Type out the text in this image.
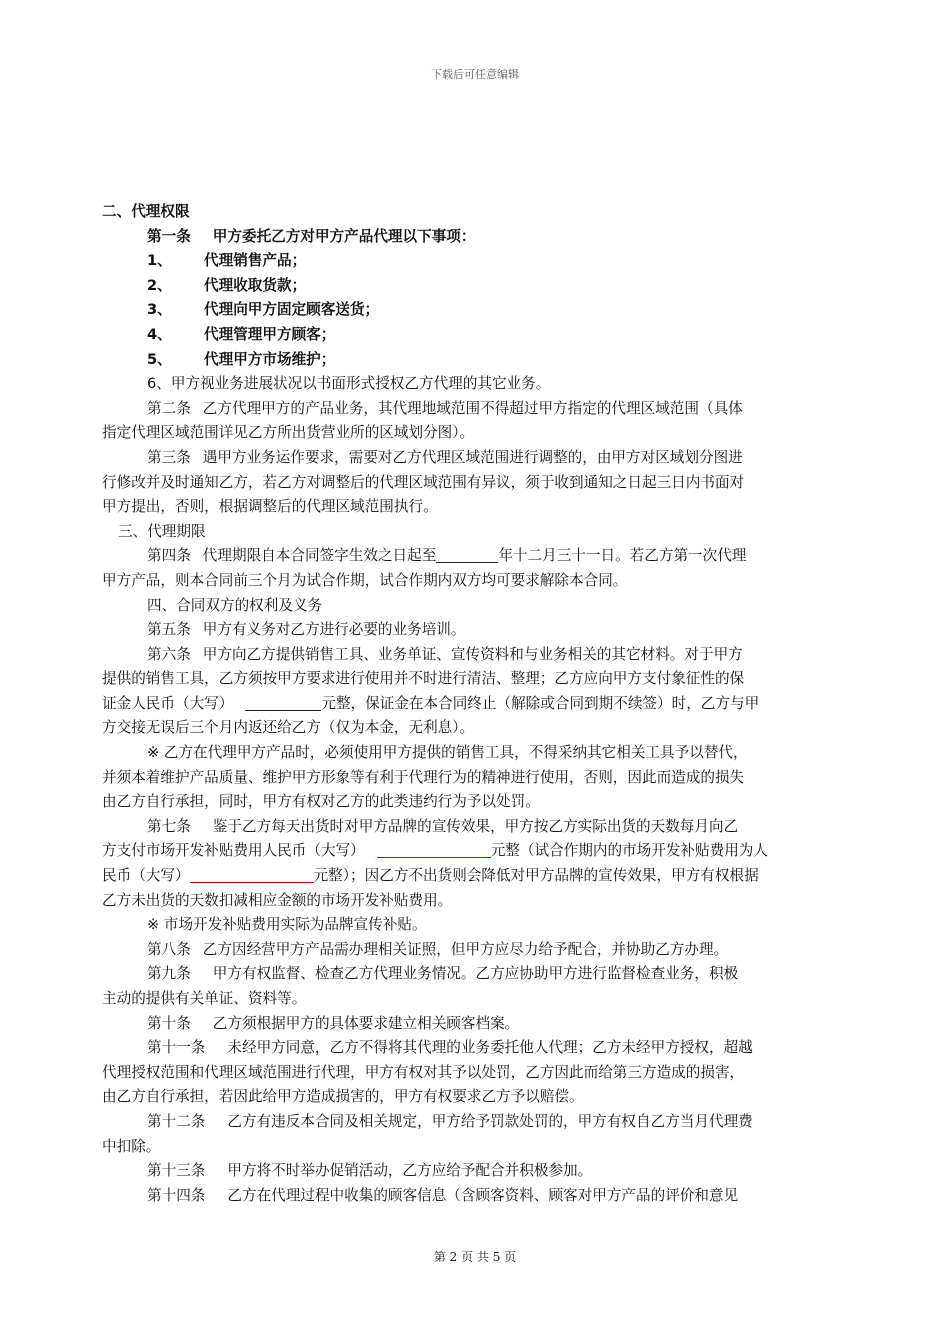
下载后可任意编辑
二、代理权限
第一条 甲方委托乙方对甲方产品代理以下事项：
1、 代理销售产品；
2、 代理收取货款；
3、 代理向甲方固定顾客送货；
4、 代理管理甲方顾客；
5、 代理甲方市场维护；
6、甲方视业务进展状况以书面形式授权乙方代理的其它业务。
第二条 乙方代理甲方的产品业务，其代理地域范围不得超过甲方指定的代理区域范围（具体
指定代理区域范围详见乙方所出货营业所的区域划分图）。
第三条 遇甲方业务运作要求，需要对乙方代理区域范围进行调整的，由甲方对区域划分图进
行修改并及时通知乙方，若乙方对调整后的代理区域范围有异议，须于收到通知之日起三日内书面对
甲方提出，否则，根据调整后的代理区域范围执行。
三、代理期限
第四条 代理期限自本合同签字生效之日起至	年十二月三十一日。若乙方第一次代理
甲方产品，则本合同前三个月为试合作期，试合作期内双方均可要求解除本合同。
四、合同双方的权利及义务
第五条 甲方有义务对乙方进行必要的业务培训。
第六条 甲方向乙方提供销售工具、业务单证、宣传资料和与业务相关的其它材料。对于甲方
提供的销售工具，乙方须按甲方要求进行使用并不时进行清洁、整理；乙方应向甲方支付象征性的保
证金人民币（大写）	元整，保证金在本合同终止（解除或合同到期不续签）时，乙方与甲
方交接无误后三个月内返还给乙方（仅为本金，无利息）。
※ 乙方在代理甲方产品时，必须使用甲方提供的销售工具，不得采纳其它相关工具予以替代，
并须本着维护产品质量、维护甲方形象等有利于代理行为的精神进行使用，否则，因此而造成的损失
由乙方自行承担，同时，甲方有权对乙方的此类违约行为予以处罚。
第七条 鉴于乙方每天出货时对甲方品牌的宣传效果，甲方按乙方实际出货的天数每月向乙
方支付市场开发补贴费用人民币（大写）	元整（试合作期内的市场开发补贴费用为人
民币（大写）	元整）；因乙方不出货则会降低对甲方品牌的宣传效果，甲方有权根据
乙方未出货的天数扣减相应金额的市场开发补贴费用。
※ 市场开发补贴费用实际为品牌宣传补贴。
第八条 乙方因经营甲方产品需办理相关证照，但甲方应尽力给予配合，并协助乙方办理。
第九条 甲方有权监督、检查乙方代理业务情况。乙方应协助甲方进行监督检查业务，积极
主动的提供有关单证、资料等。
第十条 乙方须根据甲方的具体要求建立相关顾客档案。
第十一条 未经甲方同意，乙方不得将其代理的业务委托他人代理；乙方未经甲方授权，超越
代理授权范围和代理区域范围进行代理，甲方有权对其予以处罚，乙方因此而给第三方造成的损害，
由乙方自行承担，若因此给甲方造成损害的，甲方有权要求乙方予以赔偿。
第十二条 乙方有违反本合同及相关规定，甲方给予罚款处罚的，甲方有权自乙方当月代理费
中扣除。
第十三条 甲方将不时举办促销活动，乙方应给予配合并积极参加。
第十四条 乙方在代理过程中收集的顾客信息（含顾客资料、顾客对甲方产品的评价和意见
第 2 页 共 5 页
